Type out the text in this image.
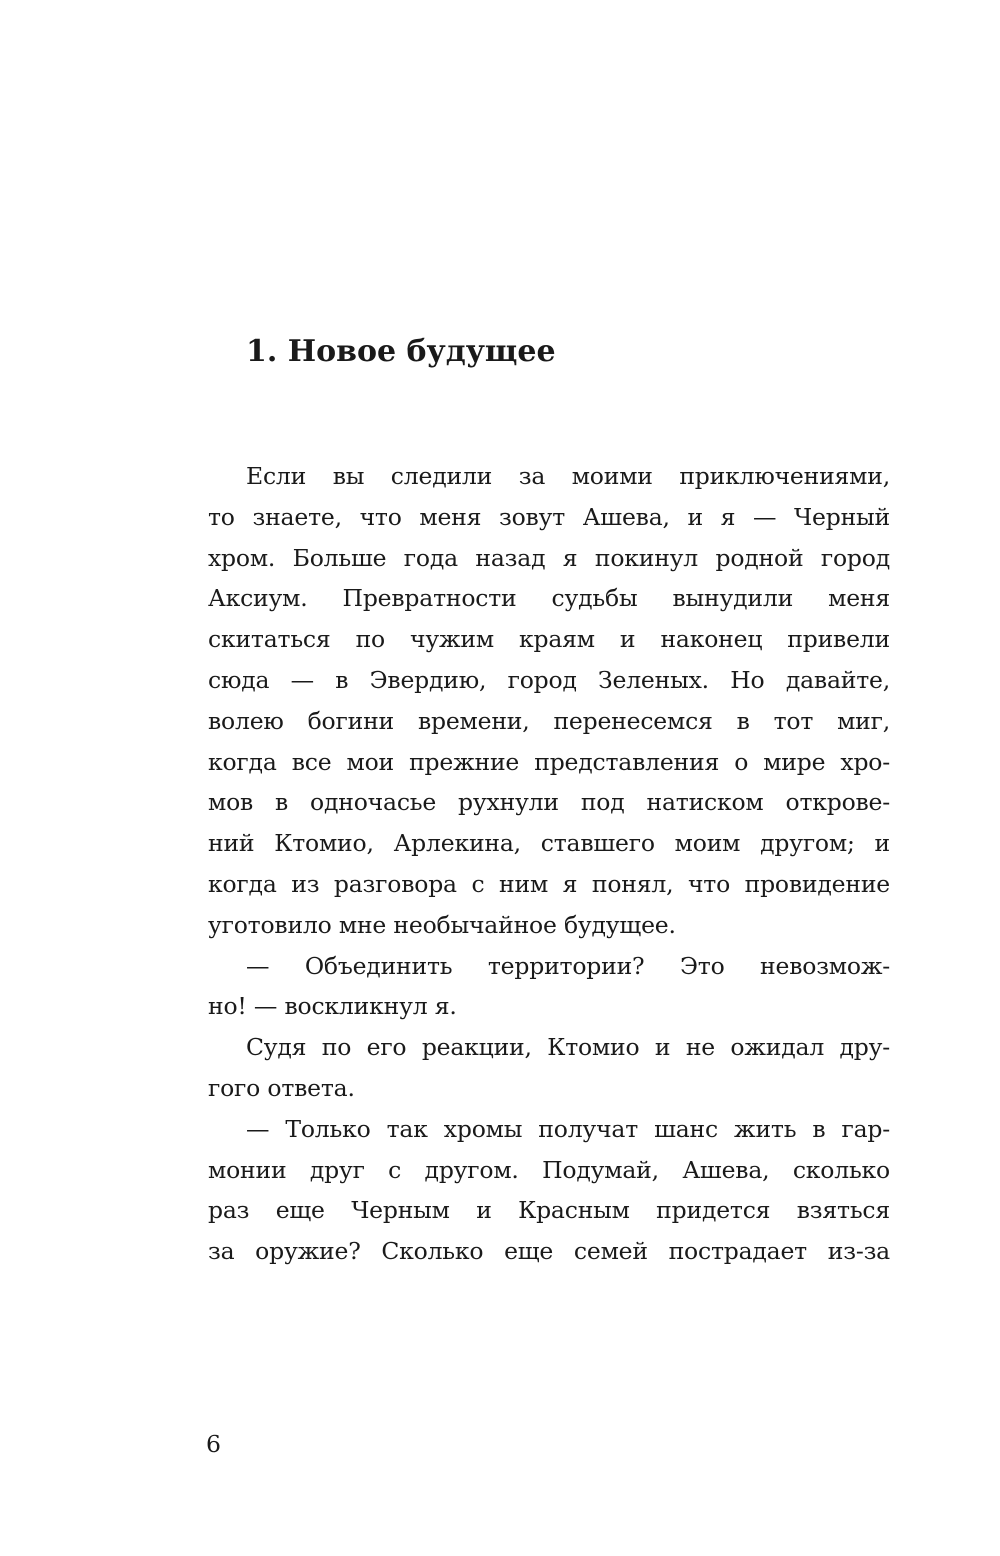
1. Новое будущее
Если вы следили за моими приключениями,
то знаете, что меня зовут Ашева, и я — Черный
хром. Больше года назад я покинул родной город
Аксиум. Превратности судьбы вынудили меня
скитаться по чужим краям и наконец привели
сюда — в Эвердию, город Зеленых. Но давайте,
волею богини времени, перенесемся в тот миг,
когда все мои прежние представления о мире хро-
мов в одночасье рухнули под натиском открове-
ний Ктомио, Арлекина, ставшего моим другом; и
когда из разговора с ним я понял, что провидение
уготовило мне необычайное будущее.
— Объединить территории? Это невозмож-
но! — воскликнул я.
Судя по его реакции, Ктомио и не ожидал дру-
гого ответа.
— Только так хромы получат шанс жить в гар-
монии друг с другом. Подумай, Ашева, сколько
раз еще Черным и Красным придется взяться
за оружие? Сколько еще семей пострадает из-за
6
